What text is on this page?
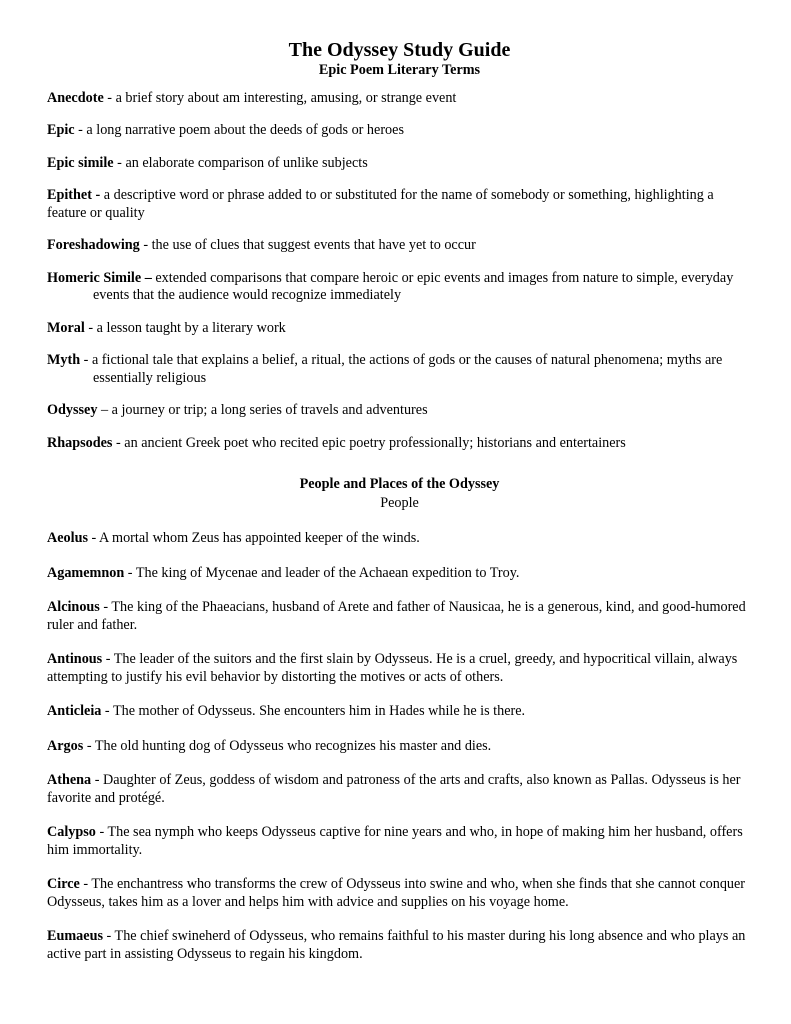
The Odyssey Study Guide

Epic Poem Literary Terms

Anecdote - a brief story about am interesting, amusing, or strange event

Epic - a long narrative poem about the deeds of gods or heroes

Epic simile - an elaborate comparison of unlike subjects

Epithet - a descriptive word or phrase added to or substituted for the name of somebody or something, highlighting a feature or quality

Foreshadowing - the use of clues that suggest events that have yet to occur

Homeric Simile – extended comparisons that compare heroic or epic events and images from nature to simple, everyday events that the audience would recognize immediately

Moral - a lesson taught by a literary work

Myth - a fictional tale that explains a belief, a ritual, the actions of gods or the causes of natural phenomena; myths are essentially religious

Odyssey – a journey or trip; a long series of travels and adventures

Rhapsodes - an ancient Greek poet who recited epic poetry professionally; historians and entertainers

People and Places of the Odyssey

People

Aeolus - A mortal whom Zeus has appointed keeper of the winds.

Agamemnon - The king of Mycenae and leader of the Achaean expedition to Troy.

Alcinous - The king of the Phaeacians, husband of Arete and father of Nausicaa, he is a generous, kind, and good-humored ruler and father.

Antinous - The leader of the suitors and the first slain by Odysseus. He is a cruel, greedy, and hypocritical villain, always attempting to justify his evil behavior by distorting the motives or acts of others.

Anticleia - The mother of Odysseus. She encounters him in Hades while he is there.

Argos - The old hunting dog of Odysseus who recognizes his master and dies.

Athena - Daughter of Zeus, goddess of wisdom and patroness of the arts and crafts, also known as Pallas. Odysseus is her favorite and protégé.

Calypso - The sea nymph who keeps Odysseus captive for nine years and who, in hope of making him her husband, offers him immortality.

Circe - The enchantress who transforms the crew of Odysseus into swine and who, when she finds that she cannot conquer Odysseus, takes him as a lover and helps him with advice and supplies on his voyage home.

Eumaeus - The chief swineherd of Odysseus, who remains faithful to his master during his long absence and who plays an active part in assisting Odysseus to regain his kingdom.
